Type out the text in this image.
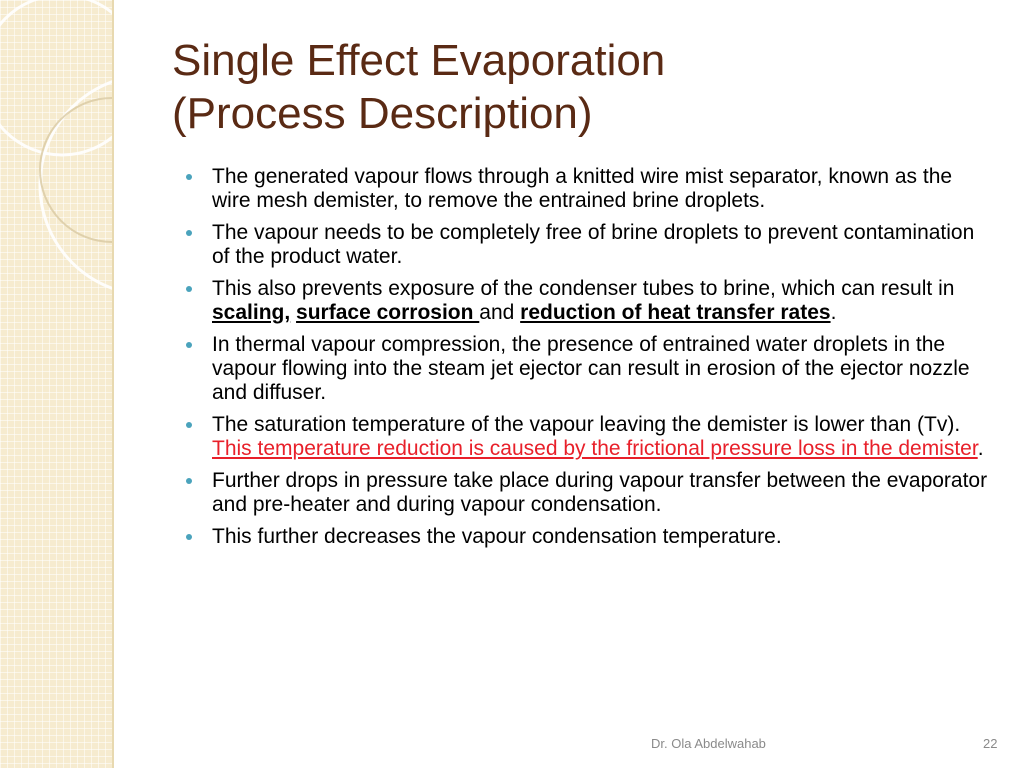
Single Effect Evaporation
(Process Description)
The generated vapour flows through a knitted wire mist separator, known as the wire mesh demister, to remove the entrained brine droplets.
The vapour needs to be completely free of brine droplets to prevent contamination of the product water.
This also prevents exposure of the condenser tubes to brine, which can result in scaling, surface corrosion and reduction of heat transfer rates.
In thermal vapour compression, the presence of entrained water droplets in the vapour flowing into the steam jet ejector can result in erosion of the ejector nozzle and diffuser.
The saturation temperature of the vapour leaving the demister is lower than (Tv). This temperature reduction is caused by the frictional pressure loss in the demister.
Further drops in pressure take place during vapour transfer between the evaporator and pre-heater and during vapour condensation.
This further decreases the vapour condensation temperature.
Dr. Ola Abdelwahab	22
